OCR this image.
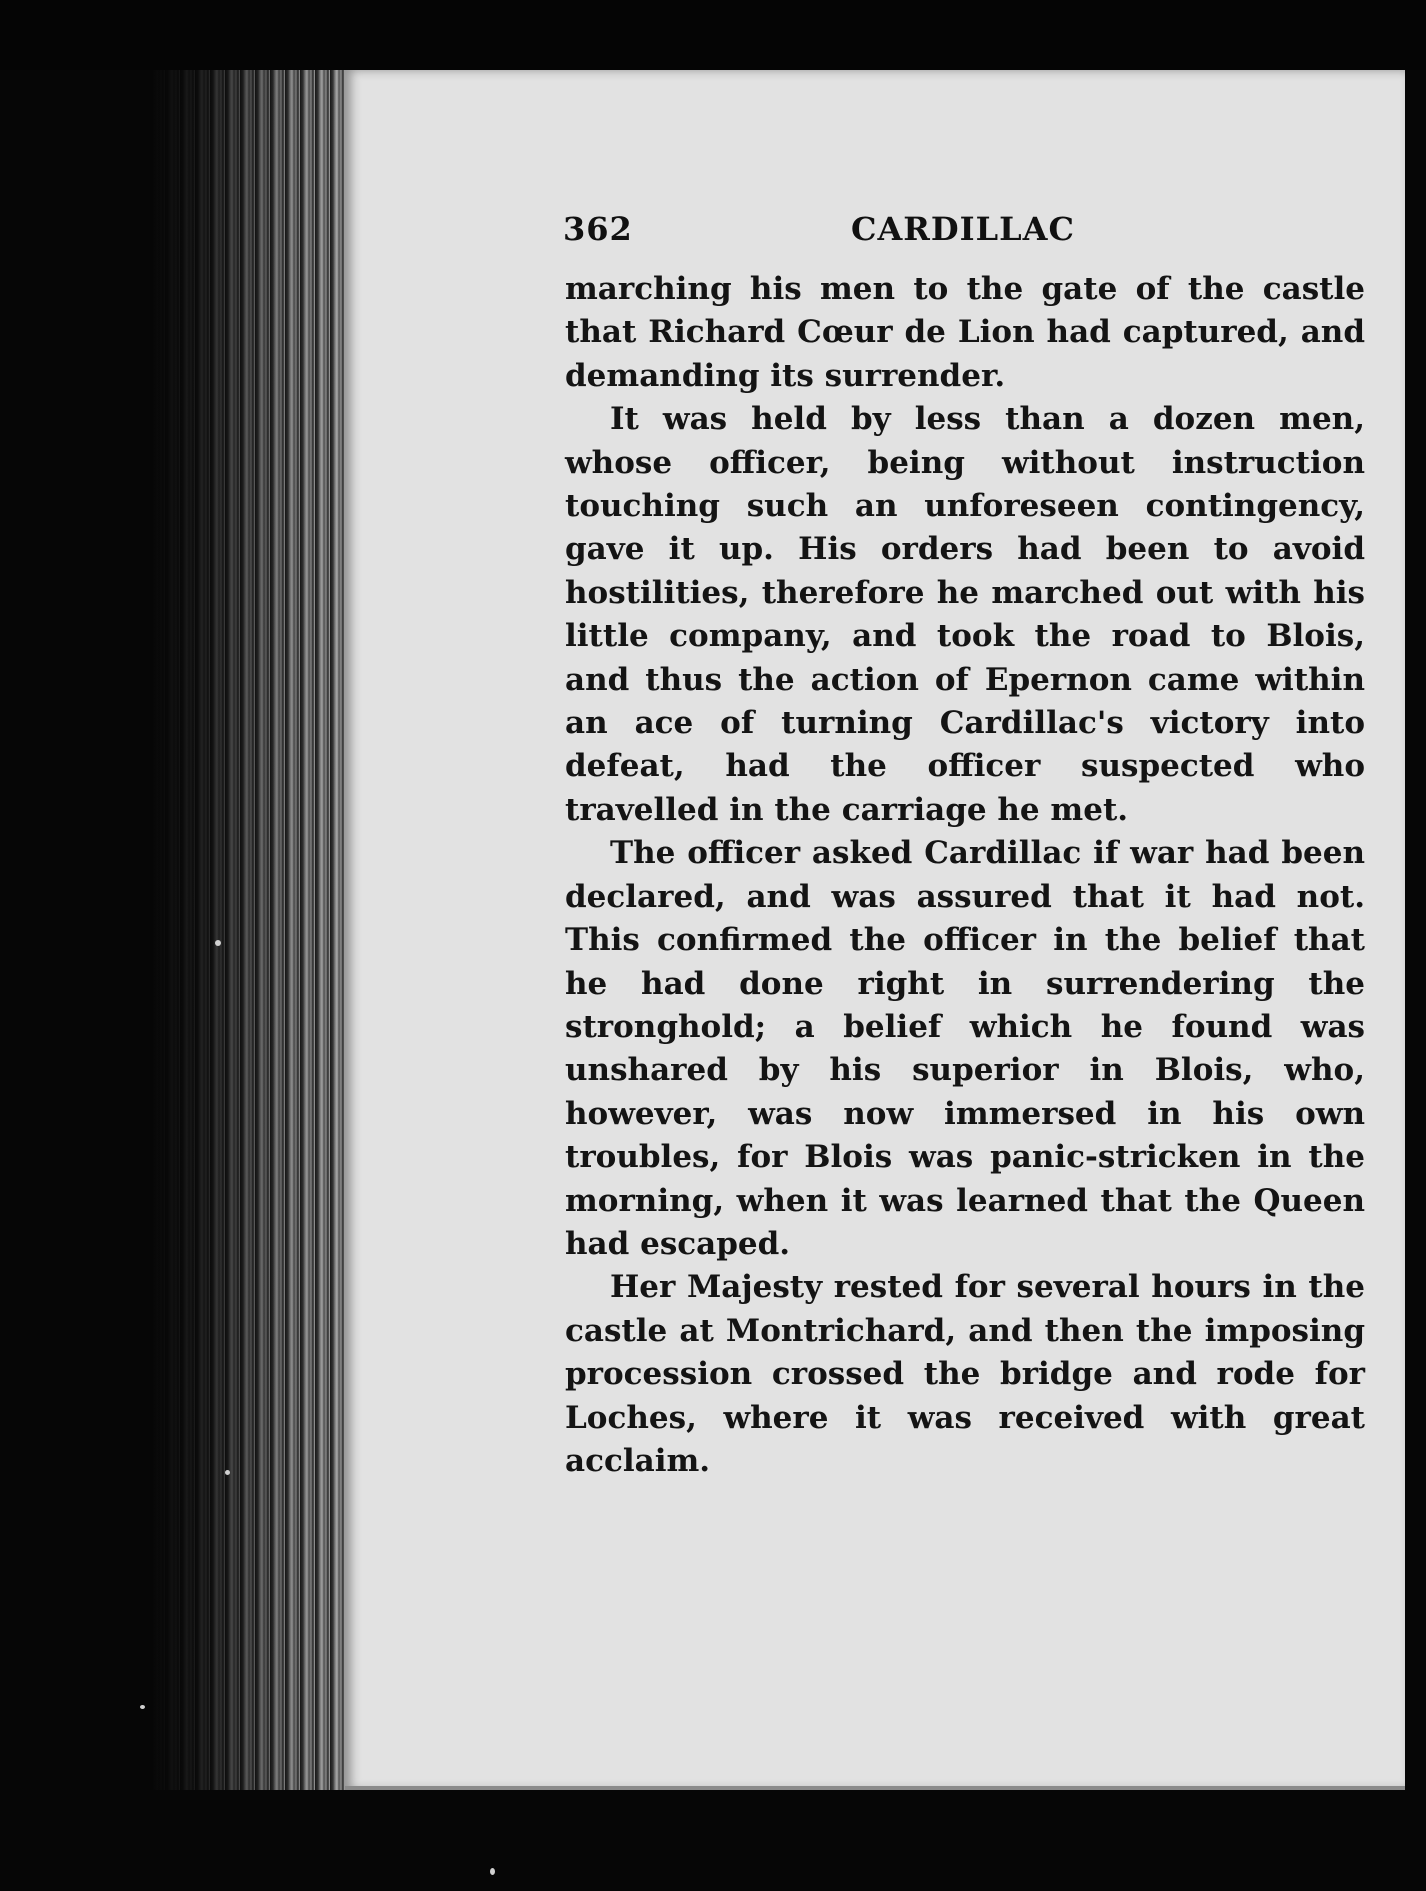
362	CARDILLAC

marching his men to the gate of the castle that Richard Cœur de Lion had captured, and demanding its surrender.

It was held by less than a dozen men, whose officer, being without instruction touching such an unforeseen contingency, gave it up. His orders had been to avoid hostilities, therefore he marched out with his little company, and took the road to Blois, and thus the action of Epernon came within an ace of turning Cardillac's victory into defeat, had the officer suspected who travelled in the carriage he met.

The officer asked Cardillac if war had been declared, and was assured that it had not. This confirmed the officer in the belief that he had done right in surrendering the stronghold; a belief which he found was unshared by his superior in Blois, who, however, was now immersed in his own troubles, for Blois was panic-stricken in the morning, when it was learned that the Queen had escaped.

Her Majesty rested for several hours in the castle at Montrichard, and then the imposing procession crossed the bridge and rode for Loches, where it was received with great acclaim.
